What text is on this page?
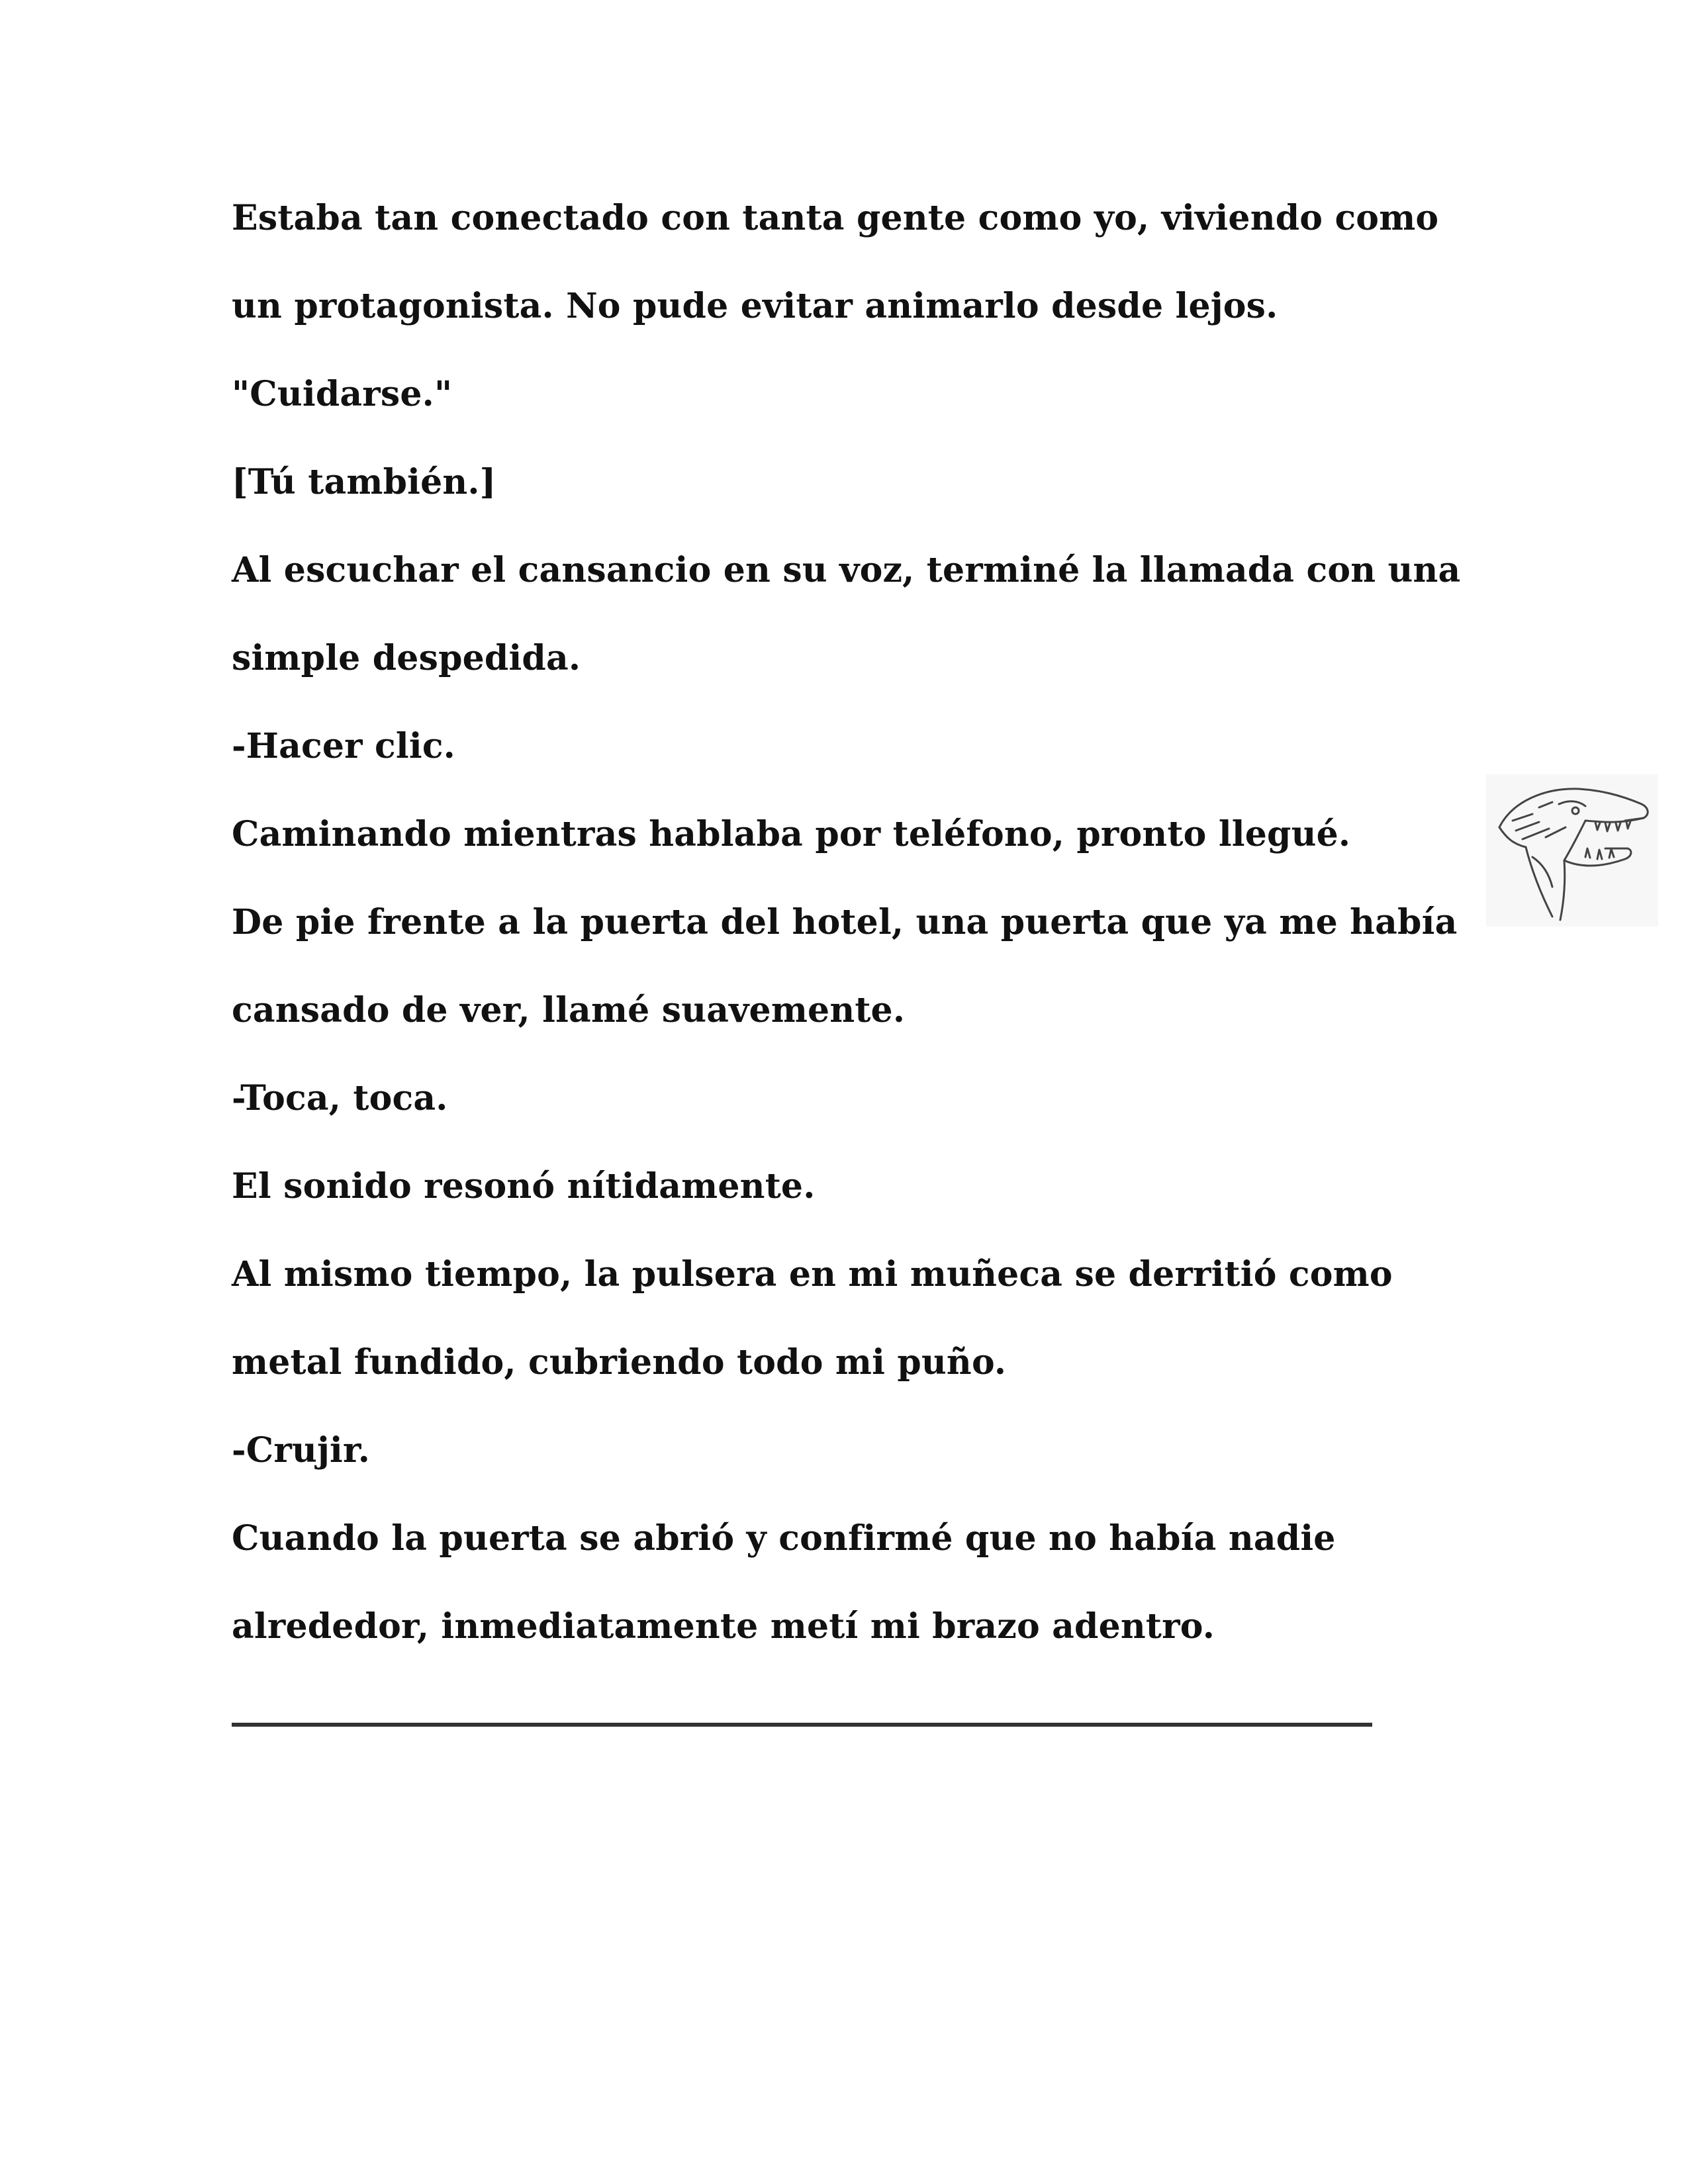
Estaba tan conectado con tanta gente como yo, viviendo como
un protagonista. No pude evitar animarlo desde lejos.
"Cuidarse."
[Tú también.]
Al escuchar el cansancio en su voz, terminé la llamada con una
simple despedida.
-Hacer clic.
Caminando mientras hablaba por teléfono, pronto llegué.
De pie frente a la puerta del hotel, una puerta que ya me había
cansado de ver, llamé suavemente.
-Toca, toca.
El sonido resonó nítidamente.
Al mismo tiempo, la pulsera en mi muñeca se derritió como
metal fundido, cubriendo todo mi puño.
-Crujir.
Cuando la puerta se abrió y confirmé que no había nadie
alrededor, inmediatamente metí mi brazo adentro.
